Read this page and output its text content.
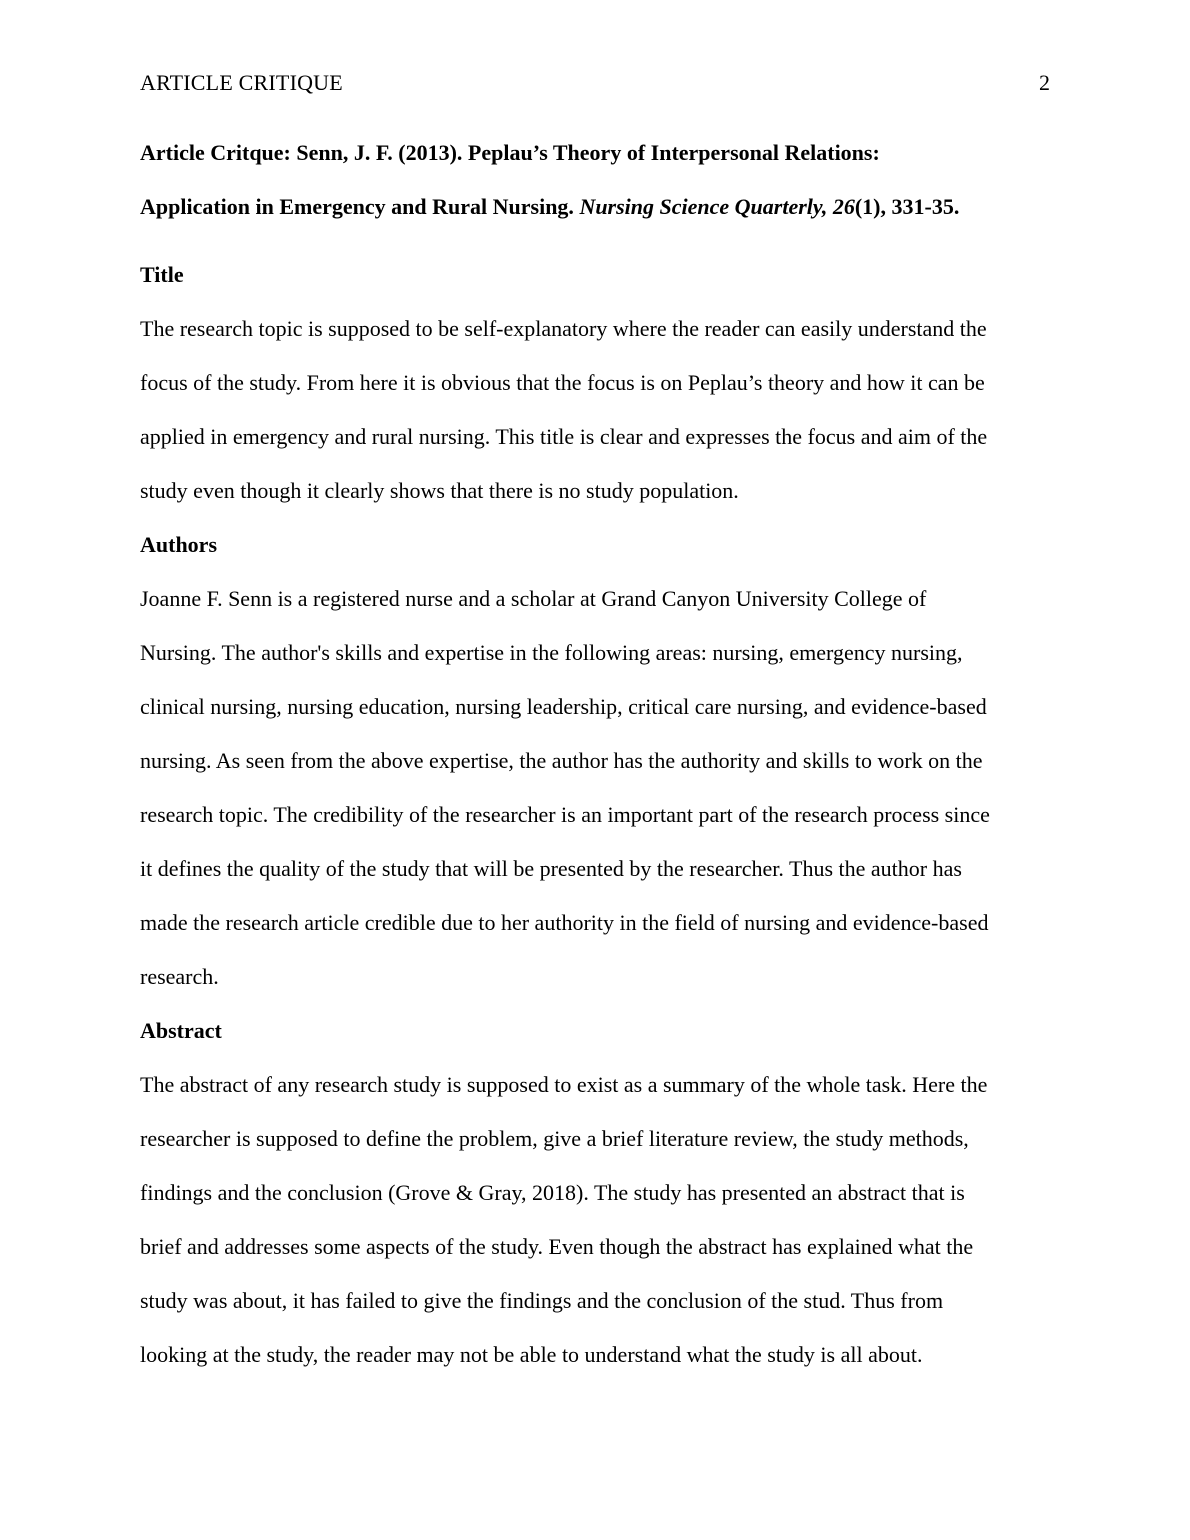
ARTICLE CRITIQUE	2

Article Critque: Senn, J. F. (2013). Peplau’s Theory of Interpersonal Relations:
Application in Emergency and Rural Nursing. Nursing Science Quarterly, 26(1), 331-35.

Title

The research topic is supposed to be self-explanatory where the reader can easily understand the
focus of the study. From here it is obvious that the focus is on Peplau’s theory and how it can be
applied in emergency and rural nursing. This title is clear and expresses the focus and aim of the
study even though it clearly shows that there is no study population.

Authors

Joanne F. Senn is a registered nurse and a scholar at Grand Canyon University College of
Nursing. The author's skills and expertise in the following areas: nursing, emergency nursing,
clinical nursing, nursing education, nursing leadership, critical care nursing, and evidence-based
nursing. As seen from the above expertise, the author has the authority and skills to work on the
research topic. The credibility of the researcher is an important part of the research process since
it defines the quality of the study that will be presented by the researcher. Thus the author has
made the research article credible due to her authority in the field of nursing and evidence-based
research.

Abstract

The abstract of any research study is supposed to exist as a summary of the whole task. Here the
researcher is supposed to define the problem, give a brief literature review, the study methods,
findings and the conclusion (Grove & Gray, 2018). The study has presented an abstract that is
brief and addresses some aspects of the study. Even though the abstract has explained what the
study was about, it has failed to give the findings and the conclusion of the stud. Thus from
looking at the study, the reader may not be able to understand what the study is all about.
